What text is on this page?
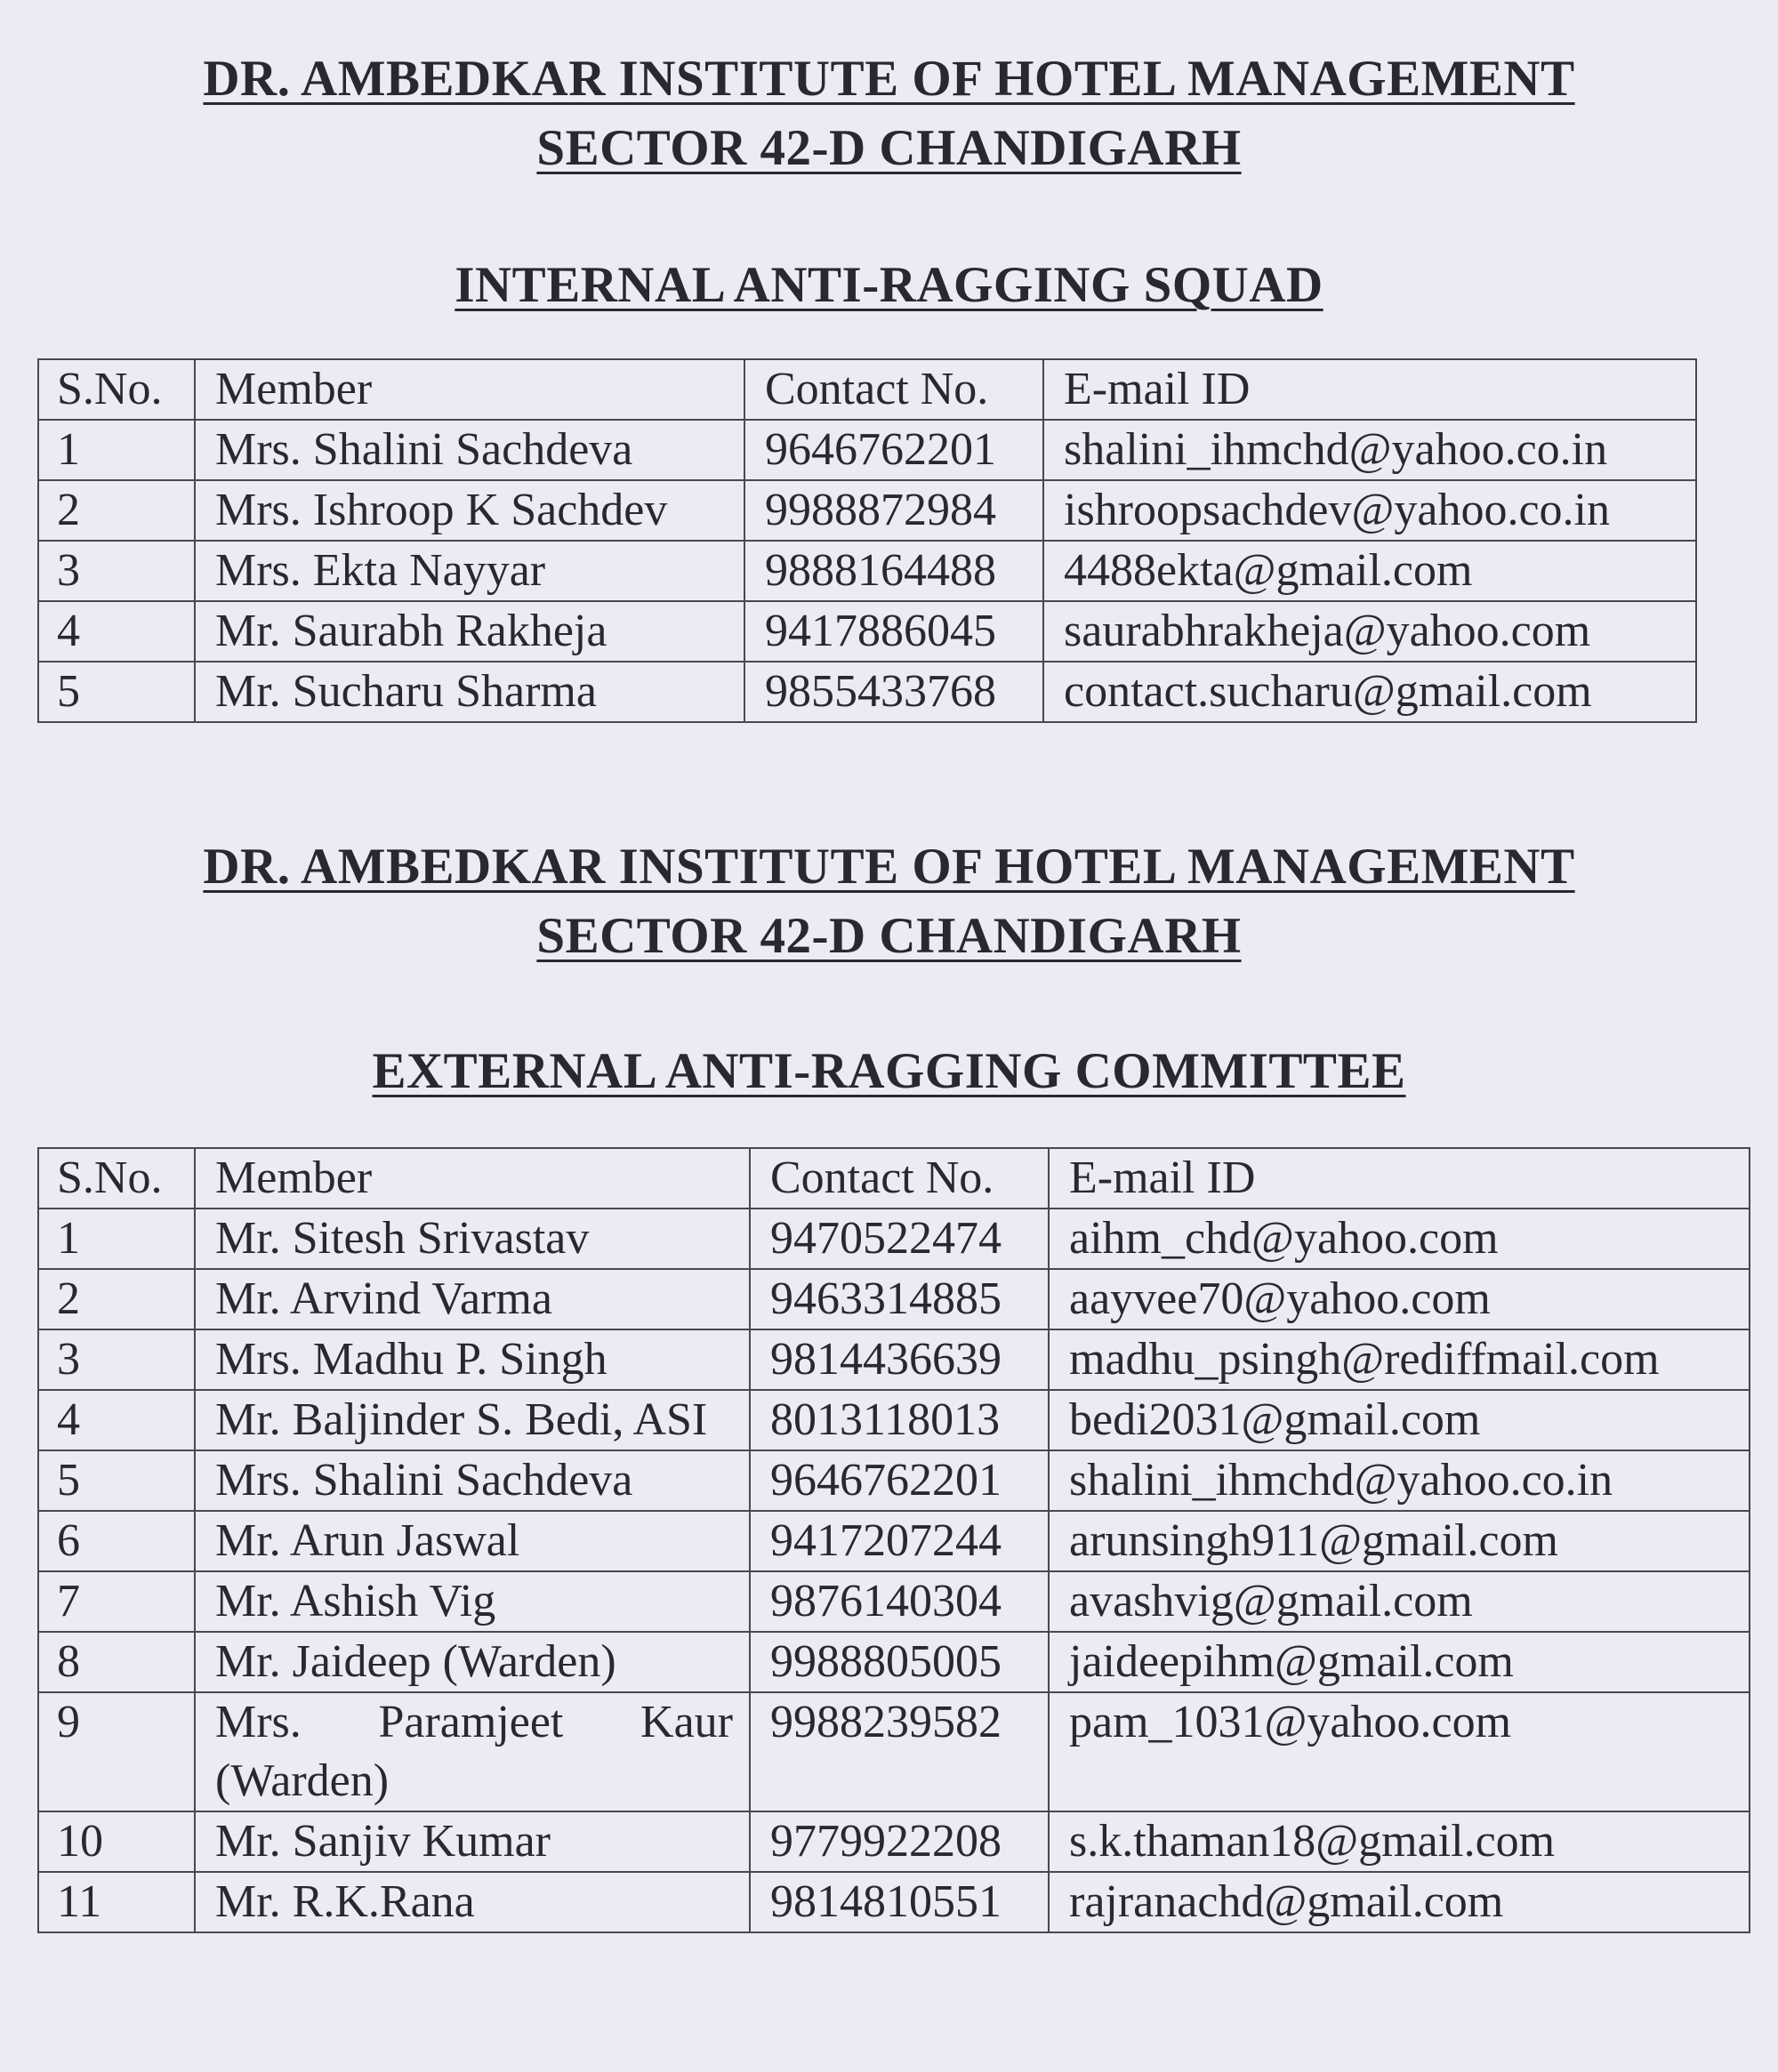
DR. AMBEDKAR INSTITUTE OF HOTEL MANAGEMENT
SECTOR 42-D CHANDIGARH
INTERNAL ANTI-RAGGING SQUAD
S.No.	Member	Contact No.	E-mail ID
1	Mrs. Shalini Sachdeva	9646762201	shalini_ihmchd@yahoo.co.in
2	Mrs. Ishroop K Sachdev	9988872984	ishroopsachdev@yahoo.co.in
3	Mrs. Ekta Nayyar	9888164488	4488ekta@gmail.com
4	Mr. Saurabh Rakheja	9417886045	saurabhrakheja@yahoo.com
5	Mr. Sucharu Sharma	9855433768	contact.sucharu@gmail.com
DR. AMBEDKAR INSTITUTE OF HOTEL MANAGEMENT
SECTOR 42-D CHANDIGARH
EXTERNAL ANTI-RAGGING COMMITTEE
S.No.	Member	Contact No.	E-mail ID
1	Mr. Sitesh Srivastav	9470522474	aihm_chd@yahoo.com
2	Mr. Arvind Varma	9463314885	aayvee70@yahoo.com
3	Mrs. Madhu P. Singh	9814436639	madhu_psingh@rediffmail.com
4	Mr. Baljinder S. Bedi, ASI	8013118013	bedi2031@gmail.com
5	Mrs. Shalini Sachdeva	9646762201	shalini_ihmchd@yahoo.co.in
6	Mr. Arun Jaswal	9417207244	arunsingh911@gmail.com
7	Mr. Ashish Vig	9876140304	avashvig@gmail.com
8	Mr. Jaideep (Warden)	9988805005	jaideepihm@gmail.com
9	Mrs. Paramjeet Kaur (Warden)	9988239582	pam_1031@yahoo.com
10	Mr. Sanjiv Kumar	9779922208	s.k.thaman18@gmail.com
11	Mr. R.K.Rana	9814810551	rajranachd@gmail.com
